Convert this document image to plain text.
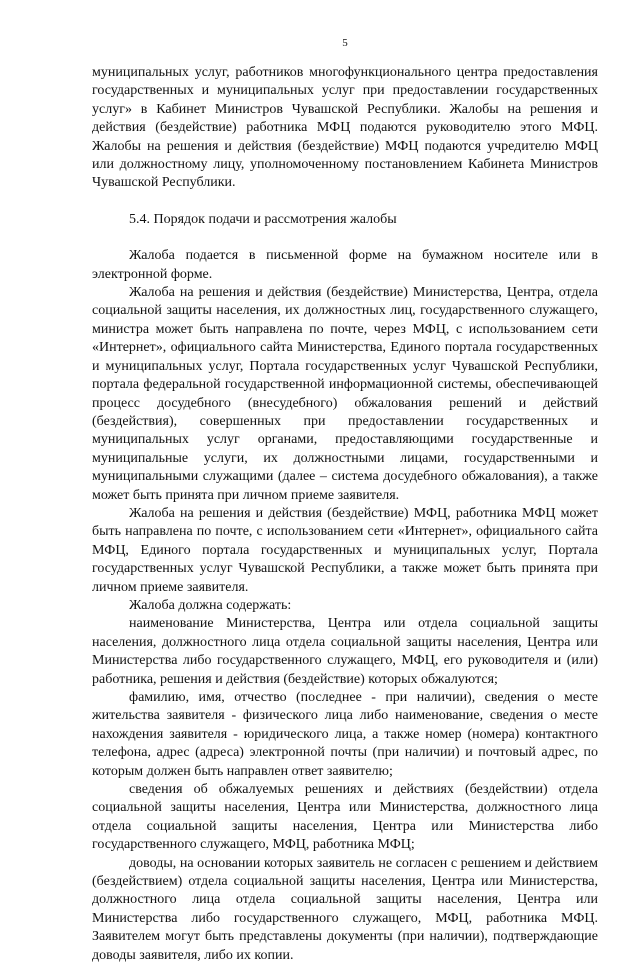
5

муниципальных услуг, работников многофункционального центра предоставления государственных и муниципальных услуг при предоставлении государственных услуг» в Кабинет Министров Чувашской Республики. Жалобы на решения и действия (бездействие) работника МФЦ подаются руководителю этого МФЦ. Жалобы на решения и действия (бездействие) МФЦ подаются учредителю МФЦ или должностному лицу, уполномоченному постановлением Кабинета Министров Чувашской Республики.

5.4. Порядок подачи и рассмотрения жалобы

Жалоба подается в письменной форме на бумажном носителе или в электронной форме.

Жалоба на решения и действия (бездействие) Министерства, Центра, отдела социальной защиты населения, их должностных лиц, государственного служащего, министра может быть направлена по почте, через МФЦ, с использованием сети «Интернет», официального сайта Министерства, Единого портала государственных и муниципальных услуг, Портала государственных услуг Чувашской Республики, портала федеральной государственной информационной системы, обеспечивающей процесс досудебного (внесудебного) обжалования решений и действий (бездействия), совершенных при предоставлении государственных и муниципальных услуг органами, предоставляющими государственные и муниципальные услуги, их должностными лицами, государственными и муниципальными служащими (далее – система досудебного обжалования), а также может быть принята при личном приеме заявителя.

Жалоба на решения и действия (бездействие) МФЦ, работника МФЦ может быть направлена по почте, с использованием сети «Интернет», официального сайта МФЦ, Единого портала государственных и муниципальных услуг, Портала государственных услуг Чувашской Республики, а также может быть принята при личном приеме заявителя.

Жалоба должна содержать:

наименование Министерства, Центра или отдела социальной защиты населения, должностного лица отдела социальной защиты населения, Центра или Министерства либо государственного служащего, МФЦ, его руководителя и (или) работника, решения и действия (бездействие) которых обжалуются;

фамилию, имя, отчество (последнее - при наличии), сведения о месте жительства заявителя - физического лица либо наименование, сведения о месте нахождения заявителя - юридического лица, а также номер (номера) контактного телефона, адрес (адреса) электронной почты (при наличии) и почтовый адрес, по которым должен быть направлен ответ заявителю;

сведения об обжалуемых решениях и действиях (бездействии) отдела социальной защиты населения, Центра или Министерства, должностного лица отдела социальной защиты населения, Центра или Министерства либо государственного служащего, МФЦ, работника МФЦ;

доводы, на основании которых заявитель не согласен с решением и действием (бездействием) отдела социальной защиты населения, Центра или Министерства, должностного лица отдела социальной защиты населения, Центра или Министерства либо государственного служащего, МФЦ, работника МФЦ. Заявителем могут быть представлены документы (при наличии), подтверждающие доводы заявителя, либо их копии.
